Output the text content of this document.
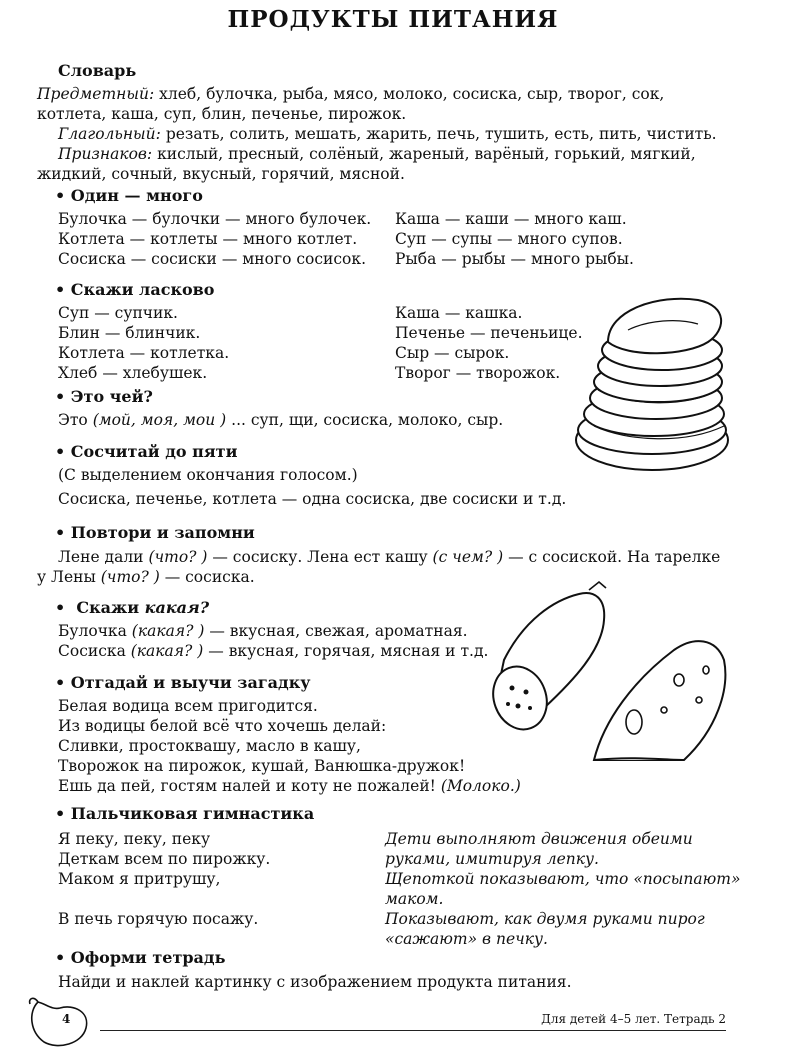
ПРОДУКТЫ ПИТАНИЯ
Словарь
Предметный: хлеб, булочка, рыба, мясо, молоко, сосиска, сыр, творог, сок,
котлета, каша, суп, блин, печенье, пирожок.
Глагольный: резать, солить, мешать, жарить, печь, тушить, есть, пить, чистить.
Признаков: кислый, пресный, солёный, жареный, варёный, горький, мягкий,
жидкий, сочный, вкусный, горячий, мясной.
• Один — много
Булочка — булочки — много булочек.
Котлета — котлеты — много котлет.
Сосиска — сосиски — много сосисок.
Каша — каши — много каш.
Суп — супы — много супов.
Рыба — рыбы — много рыбы.
• Скажи ласково
Суп — супчик.
Блин — блинчик.
Котлета — котлетка.
Хлеб — хлебушек.
Каша — кашка.
Печенье — печеньице.
Сыр — сырок.
Творог — творожок.
• Это чей?
Это (мой, моя, мои ) ... суп, щи, сосиска, молоко, сыр.
• Сосчитай до пяти
(С выделением окончания голосом.)
Сосиска, печенье, котлета — одна сосиска, две сосиски и т.д.
• Повтори и запомни
Лене дали (что? ) — сосиску. Лена ест кашу (с чем? ) — с сосиской. На тарелке
у Лены (что? ) — сосиска.
• Скажи какая?
Булочка (какая? ) — вкусная, свежая, ароматная.
Сосиска (какая? ) — вкусная, горячая, мясная и т.д.
• Отгадай и выучи загадку
Белая водица всем пригодится.
Из водицы белой всё что хочешь делай:
Сливки, простоквашу, масло в кашу,
Творожок на пирожок, кушай, Ванюшка-дружок!
Ешь да пей, гостям налей и коту не пожалей! (Молоко.)
• Пальчиковая гимнастика
Я пеку, пеку, пеку
Деткам всем по пирожку.
Маком я притрушу,
В печь горячую посажу.
Дети выполняют движения обеими
руками, имитируя лепку.
Щепоткой показывают, что «посыпают»
маком.
Показывают, как двумя руками пирог
«сажают» в печку.
• Оформи тетрадь
Найди и наклей картинку с изображением продукта питания.
4	Для детей 4–5 лет. Тетрадь 2
